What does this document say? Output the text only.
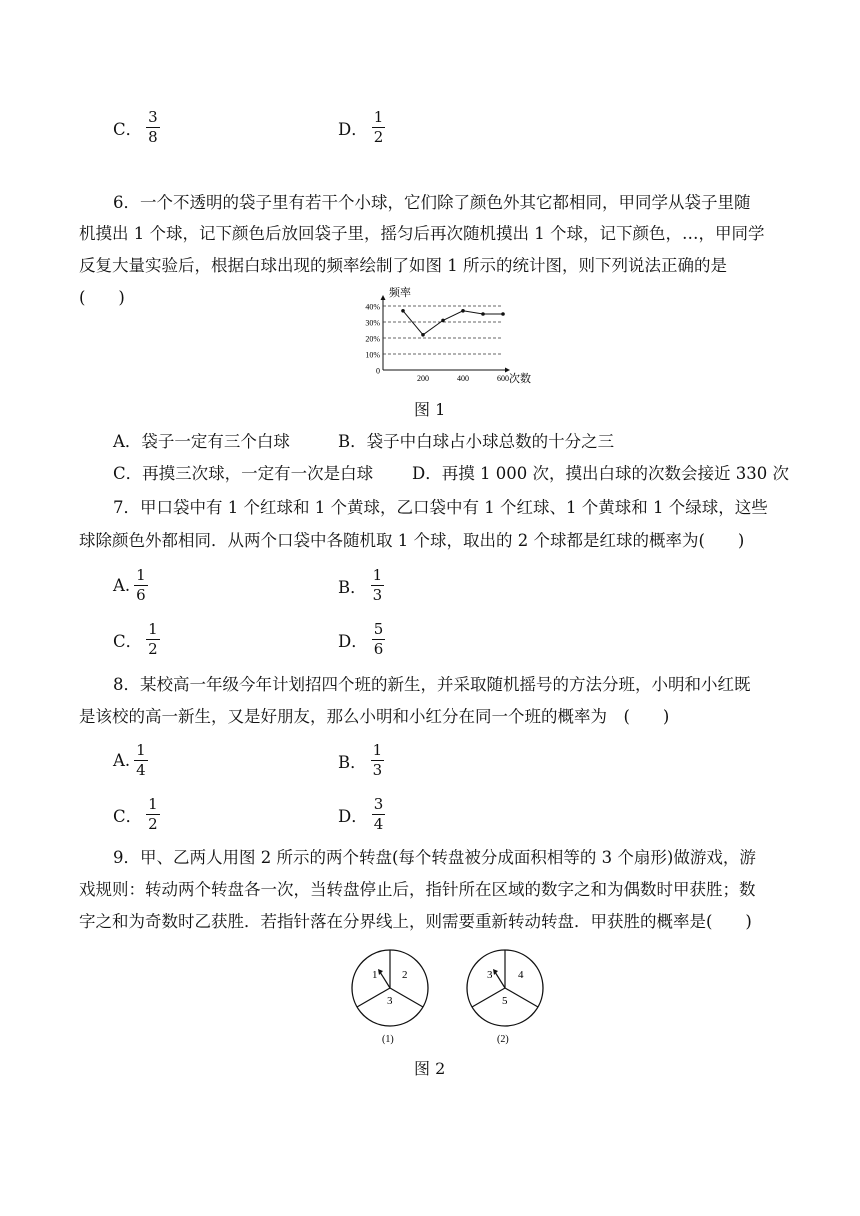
C． $\frac{3}{8}$	D． $\frac{1}{2}$
6．一个不透明的袋子里有若干个小球，它们除了颜色外其它都相同，甲同学从袋子里随
机摸出 1 个球，记下颜色后放回袋子里，摇匀后再次随机摸出 1 个球，记下颜色，…，甲同学
反复大量实验后，根据白球出现的频率绘制了如图 1 所示的统计图，则下列说法正确的是
(　　)	频率
次数
40%
30%
20%
10%
0
200	400	600
图 1
A．袋子一定有三个白球	B．袋子中白球占小球总数的十分之三
C．再摸三次球，一定有一次是白球 D．再摸 1 000 次，摸出白球的次数会接近 330 次
7．甲口袋中有 1 个红球和 1 个黄球，乙口袋中有 1 个红球、1 个黄球和 1 个绿球，这些
球除颜色外都相同．从两个口袋中各随机取 1 个球，取出的 2 个球都是红球的概率为(　　)
A. $\frac{1}{6}$	B． $\frac{1}{3}$
C． $\frac{1}{2}$	D． $\frac{5}{6}$
8．某校高一年级今年计划招四个班的新生，并采取随机摇号的方法分班，小明和小红既
是该校的高一新生，又是好朋友，那么小明和小红分在同一个班的概率为　(　　)
A. $\frac{1}{4}$	B． $\frac{1}{3}$
C． $\frac{1}{2}$	D． $\frac{3}{4}$
9．甲、乙两人用图 2 所示的两个转盘(每个转盘被分成面积相等的 3 个扇形)做游戏，游
戏规则：转动两个转盘各一次，当转盘停止后，指针所在区域的数字之和为偶数时甲获胜；数
字之和为奇数时乙获胜．若指针落在分界线上，则需要重新转动转盘．甲获胜的概率是(　　)
1 2
3
(1)
3 4
5
(2)
图 2
